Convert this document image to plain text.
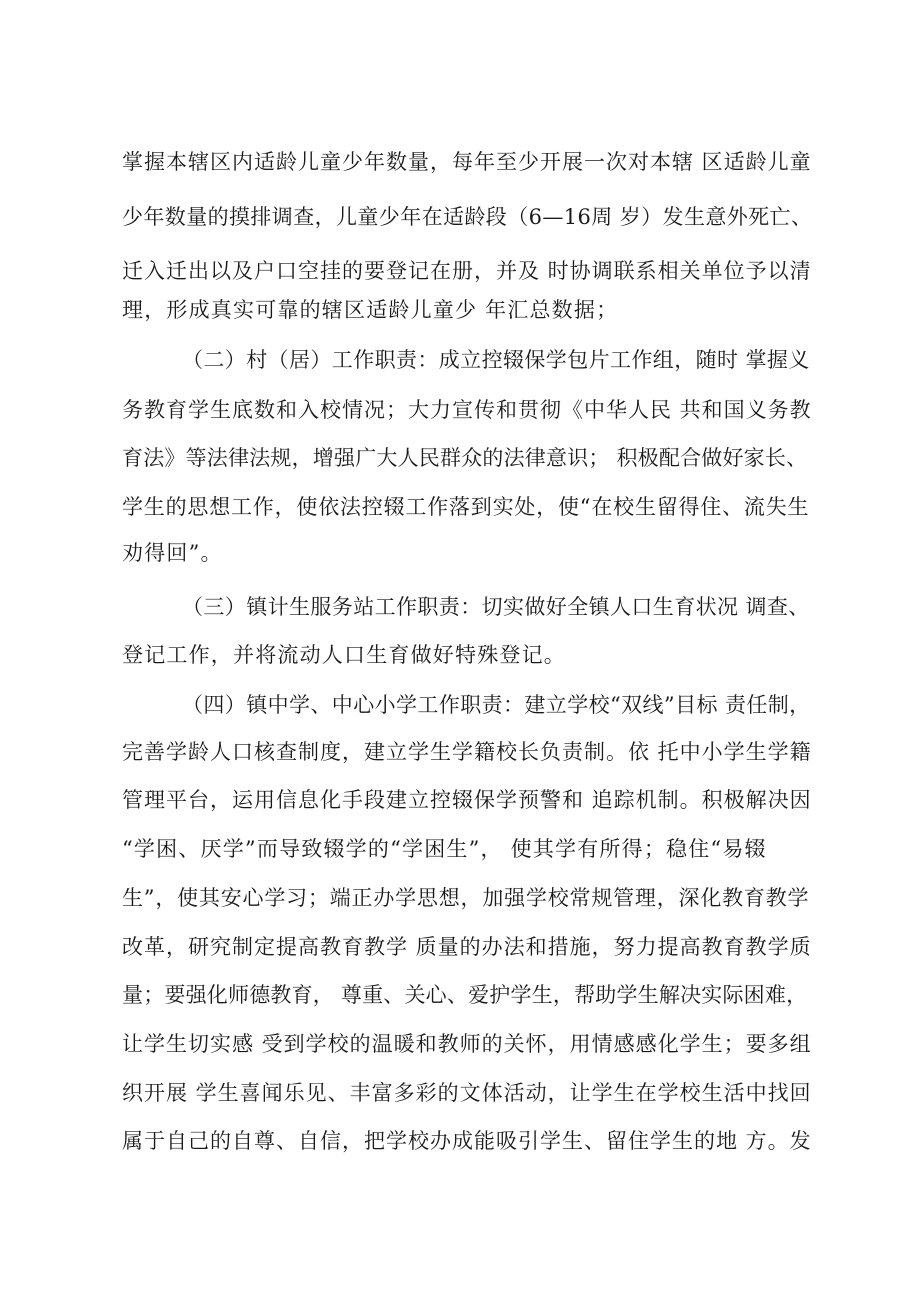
掌握本辖区内适龄儿童少年数量，每年至少开展一次对本辖 区适龄儿童
少年数量的摸排调查，儿童少年在适龄段（6—16周 岁）发生意外死亡、
迁入迁出以及户口空挂的要登记在册，并及 时协调联系相关单位予以清
理，形成真实可靠的辖区适龄儿童少 年汇总数据；
（二）村（居）工作职责：成立控辍保学包片工作组，随时 掌握义
务教育学生底数和入校情况；大力宣传和贯彻《中华人民 共和国义务教
育法》等法律法规，增强广大人民群众的法律意识； 积极配合做好家长、
学生的思想工作，使依法控辍工作落到实处，使“在校生留得住、流失生
劝得回”。
（三）镇计生服务站工作职责：切实做好全镇人口生育状况 调查、
登记工作，并将流动人口生育做好特殊登记。
（四）镇中学、中心小学工作职责：建立学校“双线”目标 责任制，
完善学龄人口核查制度，建立学生学籍校长负责制。依 托中小学生学籍
管理平台，运用信息化手段建立控辍保学预警和 追踪机制。积极解决因
“学困、厌学”而导致辍学的“学困生”， 使其学有所得；稳住“易辍
生”，使其安心学习；端正办学思想，加强学校常规管理，深化教育教学
改革，研究制定提高教育教学 质量的办法和措施，努力提高教育教学质
量；要强化师德教育， 尊重、关心、爱护学生，帮助学生解决实际困难，
让学生切实感 受到学校的温暖和教师的关怀，用情感感化学生；要多组
织开展 学生喜闻乐见、丰富多彩的文体活动，让学生在学校生活中找回
属于自己的自尊、自信，把学校办成能吸引学生、留住学生的地 方。发
